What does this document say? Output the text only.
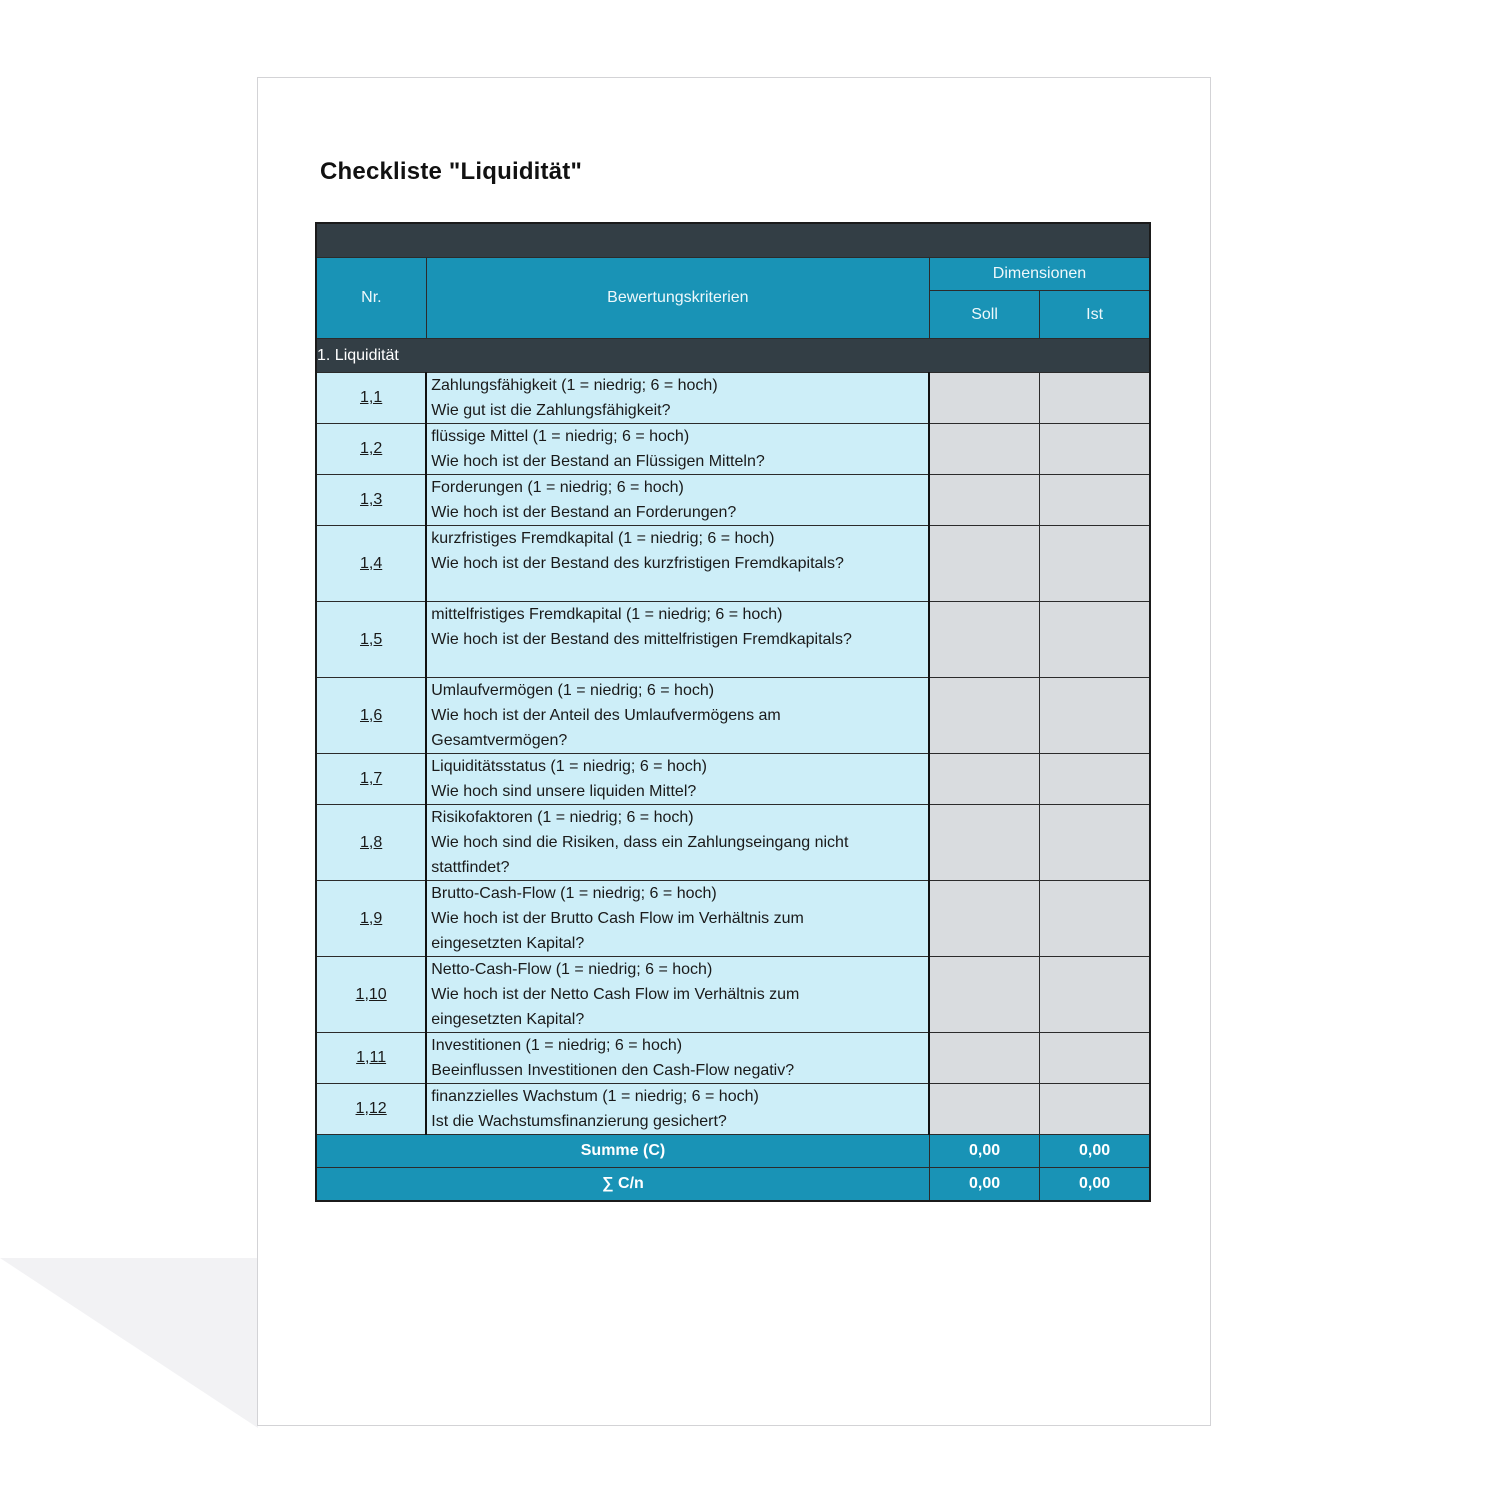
Checkliste "Liquidität"

Nr.	Bewertungskriterien	Dimensionen	
		Soll	Ist
1. Liquidität			
1,1	Zahlungsfähigkeit (1 = niedrig; 6 = hoch)
Wie gut ist die Zahlungsfähigkeit?		

1,2	flüssige Mittel (1 = niedrig; 6 = hoch)
Wie hoch ist der Bestand an Flüssigen Mitteln?		

1,3	Forderungen (1 = niedrig; 6 = hoch)
Wie hoch ist der Bestand an Forderungen?		

1,4	kurzfristiges Fremdkapital (1 = niedrig; 6 = hoch)
Wie hoch ist der Bestand des kurzfristigen Fremdkapitals?		

1,5	mittelfristiges Fremdkapital (1 = niedrig; 6 = hoch)
Wie hoch ist der Bestand des mittelfristigen Fremdkapitals?		

1,6	Umlaufvermögen (1 = niedrig; 6 = hoch)
Wie hoch ist der Anteil des Umlaufvermögens am
Gesamtvermögen?		

1,7	Liquiditätsstatus (1 = niedrig; 6 = hoch)
Wie hoch sind unsere liquiden Mittel?		

1,8	Risikofaktoren (1 = niedrig; 6 = hoch)
Wie hoch sind die Risiken, dass ein Zahlungseingang nicht
stattfindet?		

1,9	Brutto-Cash-Flow (1 = niedrig; 6 = hoch)
Wie hoch ist der Brutto Cash Flow im Verhältnis zum
eingesetzten Kapital?		

1,10	Netto-Cash-Flow (1 = niedrig; 6 = hoch)
Wie hoch ist der Netto Cash Flow im Verhältnis zum
eingesetzten Kapital?		

1,11	Investitionen (1 = niedrig; 6 = hoch)
Beeinflussen Investitionen den Cash-Flow negativ?		

1,12	finanzzielles Wachstum (1 = niedrig; 6 = hoch)
Ist die Wachstumsfinanzierung gesichert?		

Summe (C)		0,00	0,00
∑ C/n		0,00	0,00
